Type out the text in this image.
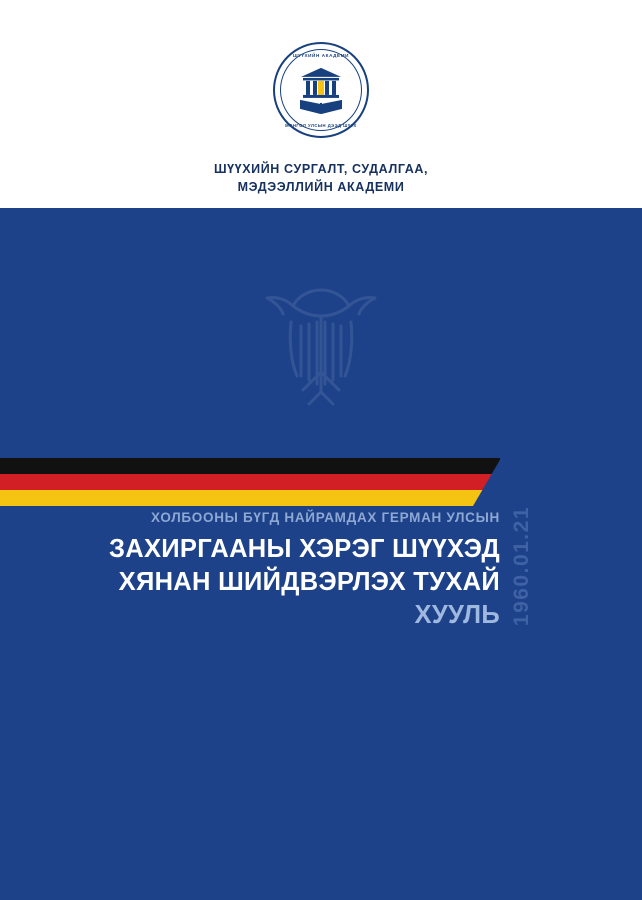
ШҮҮХИЙН АКАДЕМИ
МОНГОЛ УЛСЫН ДЭЭД ШҮҮХ
ШҮҮХИЙН СУРГАЛТ, СУДАЛГАА,
МЭДЭЭЛЛИЙН АКАДЕМИ
ХОЛБООНЫ БҮГД НАЙРАМДАХ ГЕРМАН УЛСЫН
ЗАХИРГААНЫ ХЭРЭГ ШҮҮХЭД
ХЯНАН ШИЙДВЭРЛЭХ ТУХАЙ
ХУУЛЬ 1960.01.21
